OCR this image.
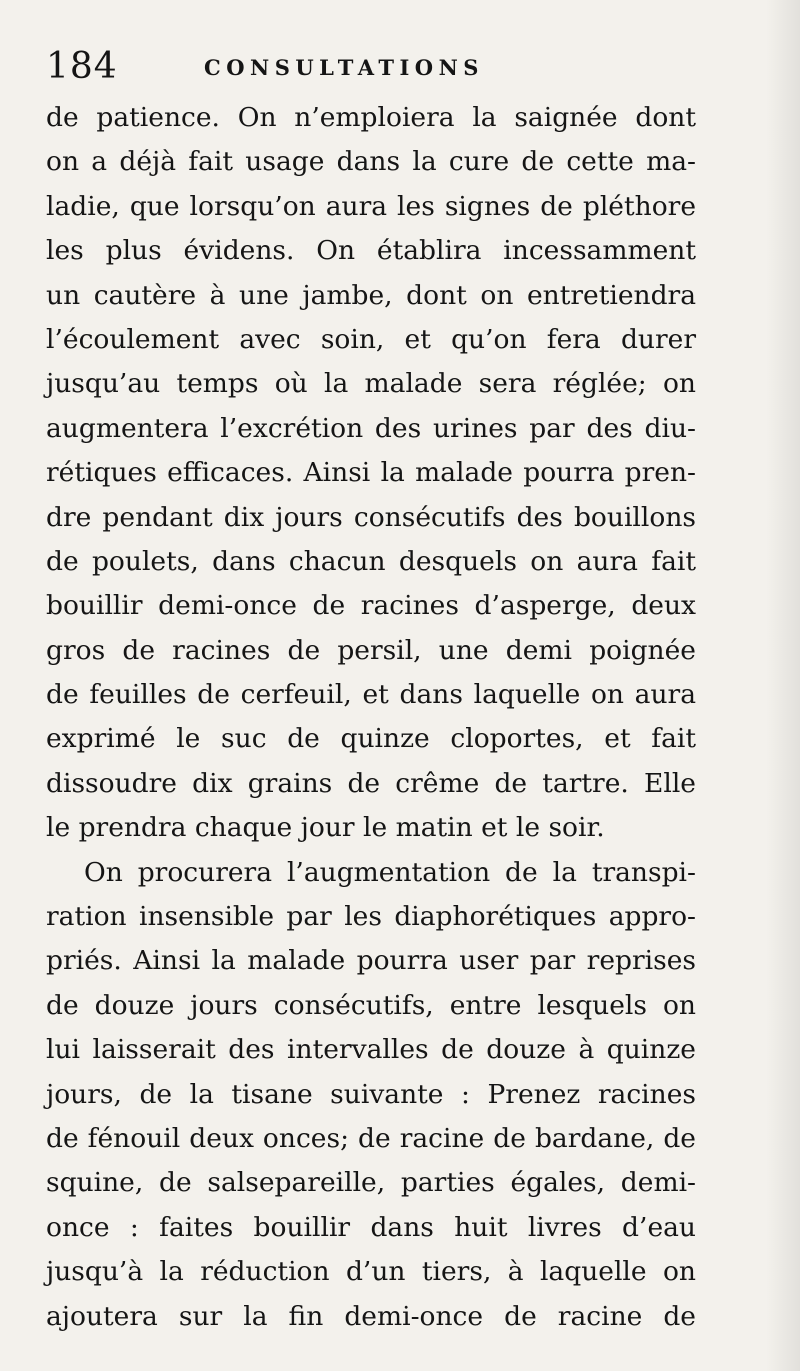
184	CONSULTATIONS
de patience. On n’emploiera la saignée dont
on a déjà fait usage dans la cure de cette ma-
ladie, que lorsqu’on aura les signes de pléthore
les plus évidens. On établira incessamment
un cautère à une jambe, dont on entretiendra
l’écoulement avec soin, et qu’on fera durer
jusqu’au temps où la malade sera réglée; on
augmentera l’excrétion des urines par des diu-
rétiques efficaces. Ainsi la malade pourra pren-
dre pendant dix jours consécutifs des bouillons
de poulets, dans chacun desquels on aura fait
bouillir demi-once de racines d’asperge, deux
gros de racines de persil, une demi poignée
de feuilles de cerfeuil, et dans laquelle on aura
exprimé le suc de quinze cloportes, et fait
dissoudre dix grains de crême de tartre. Elle
le prendra chaque jour le matin et le soir.
On procurera l’augmentation de la transpi-
ration insensible par les diaphorétiques appro-
priés. Ainsi la malade pourra user par reprises
de douze jours consécutifs, entre lesquels on
lui laisserait des intervalles de douze à quinze
jours, de la tisane suivante : Prenez racines
de fénouil deux onces; de racine de bardane, de
squine, de salsepareille, parties égales, demi-
once : faites bouillir dans huit livres d’eau
jusqu’à la réduction d’un tiers, à laquelle on
ajoutera sur la fin demi-once de racine de
